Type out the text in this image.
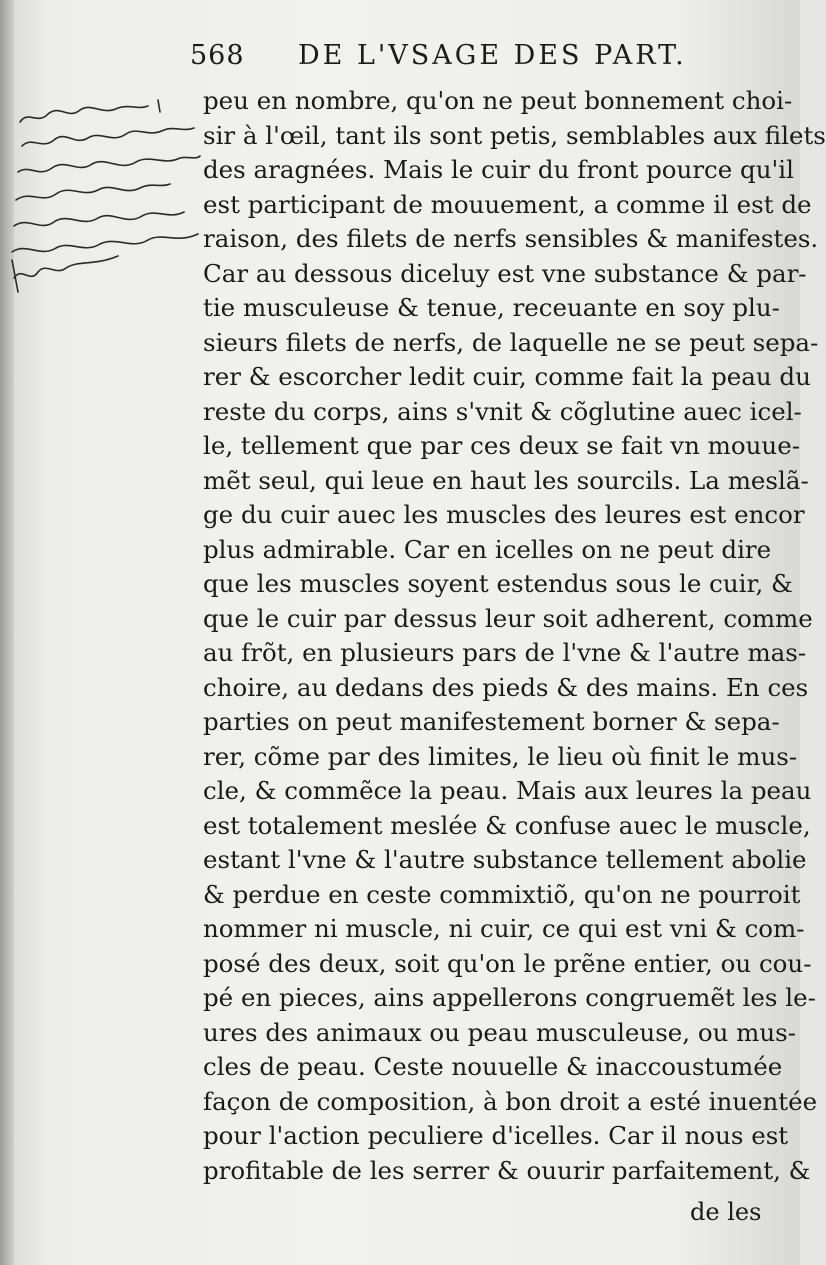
568 DE L'VSAGE DES PART.
peu en nombre, qu'on ne peut bonnement choi-
sir à l'œil, tant ils sont petis, semblables aux filets
des aragnées. Mais le cuir du front pource qu'il
est participant de mouuement, a comme il est de
raison, des filets de nerfs sensibles & manifestes.
Car au dessous diceluy est vne substance & par-
tie musculeuse & tenue, receuante en soy plu-
sieurs filets de nerfs, de laquelle ne se peut sepa-
rer & escorcher ledit cuir, comme fait la peau du
reste du corps, ains s'vnit & cõglutine auec icel-
le, tellement que par ces deux se fait vn mouue-
mẽt seul, qui leue en haut les sourcils. La meslã-
ge du cuir auec les muscles des leures est encor
plus admirable. Car en icelles on ne peut dire
que les muscles soyent estendus sous le cuir, &
que le cuir par dessus leur soit adherent, comme
au frõt, en plusieurs pars de l'vne & l'autre mas-
choire, au dedans des pieds & des mains. En ces
parties on peut manifestement borner & sepa-
rer, cõme par des limites, le lieu où finit le mus-
cle, & commẽce la peau. Mais aux leures la peau
est totalement meslée & confuse auec le muscle,
estant l'vne & l'autre substance tellement abolie
& perdue en ceste commixtiõ, qu'on ne pourroit
nommer ni muscle, ni cuir, ce qui est vni & com-
posé des deux, soit qu'on le prẽne entier, ou cou-
pé en pieces, ains appellerons congruemẽt les le-
ures des animaux ou peau musculeuse, ou mus-
cles de peau. Ceste nouuelle & inaccoustumée
façon de composition, à bon droit a esté inuentée
pour l'action peculiere d'icelles. Car il nous est
profitable de les serrer & ouurir parfaitement, &
de les
